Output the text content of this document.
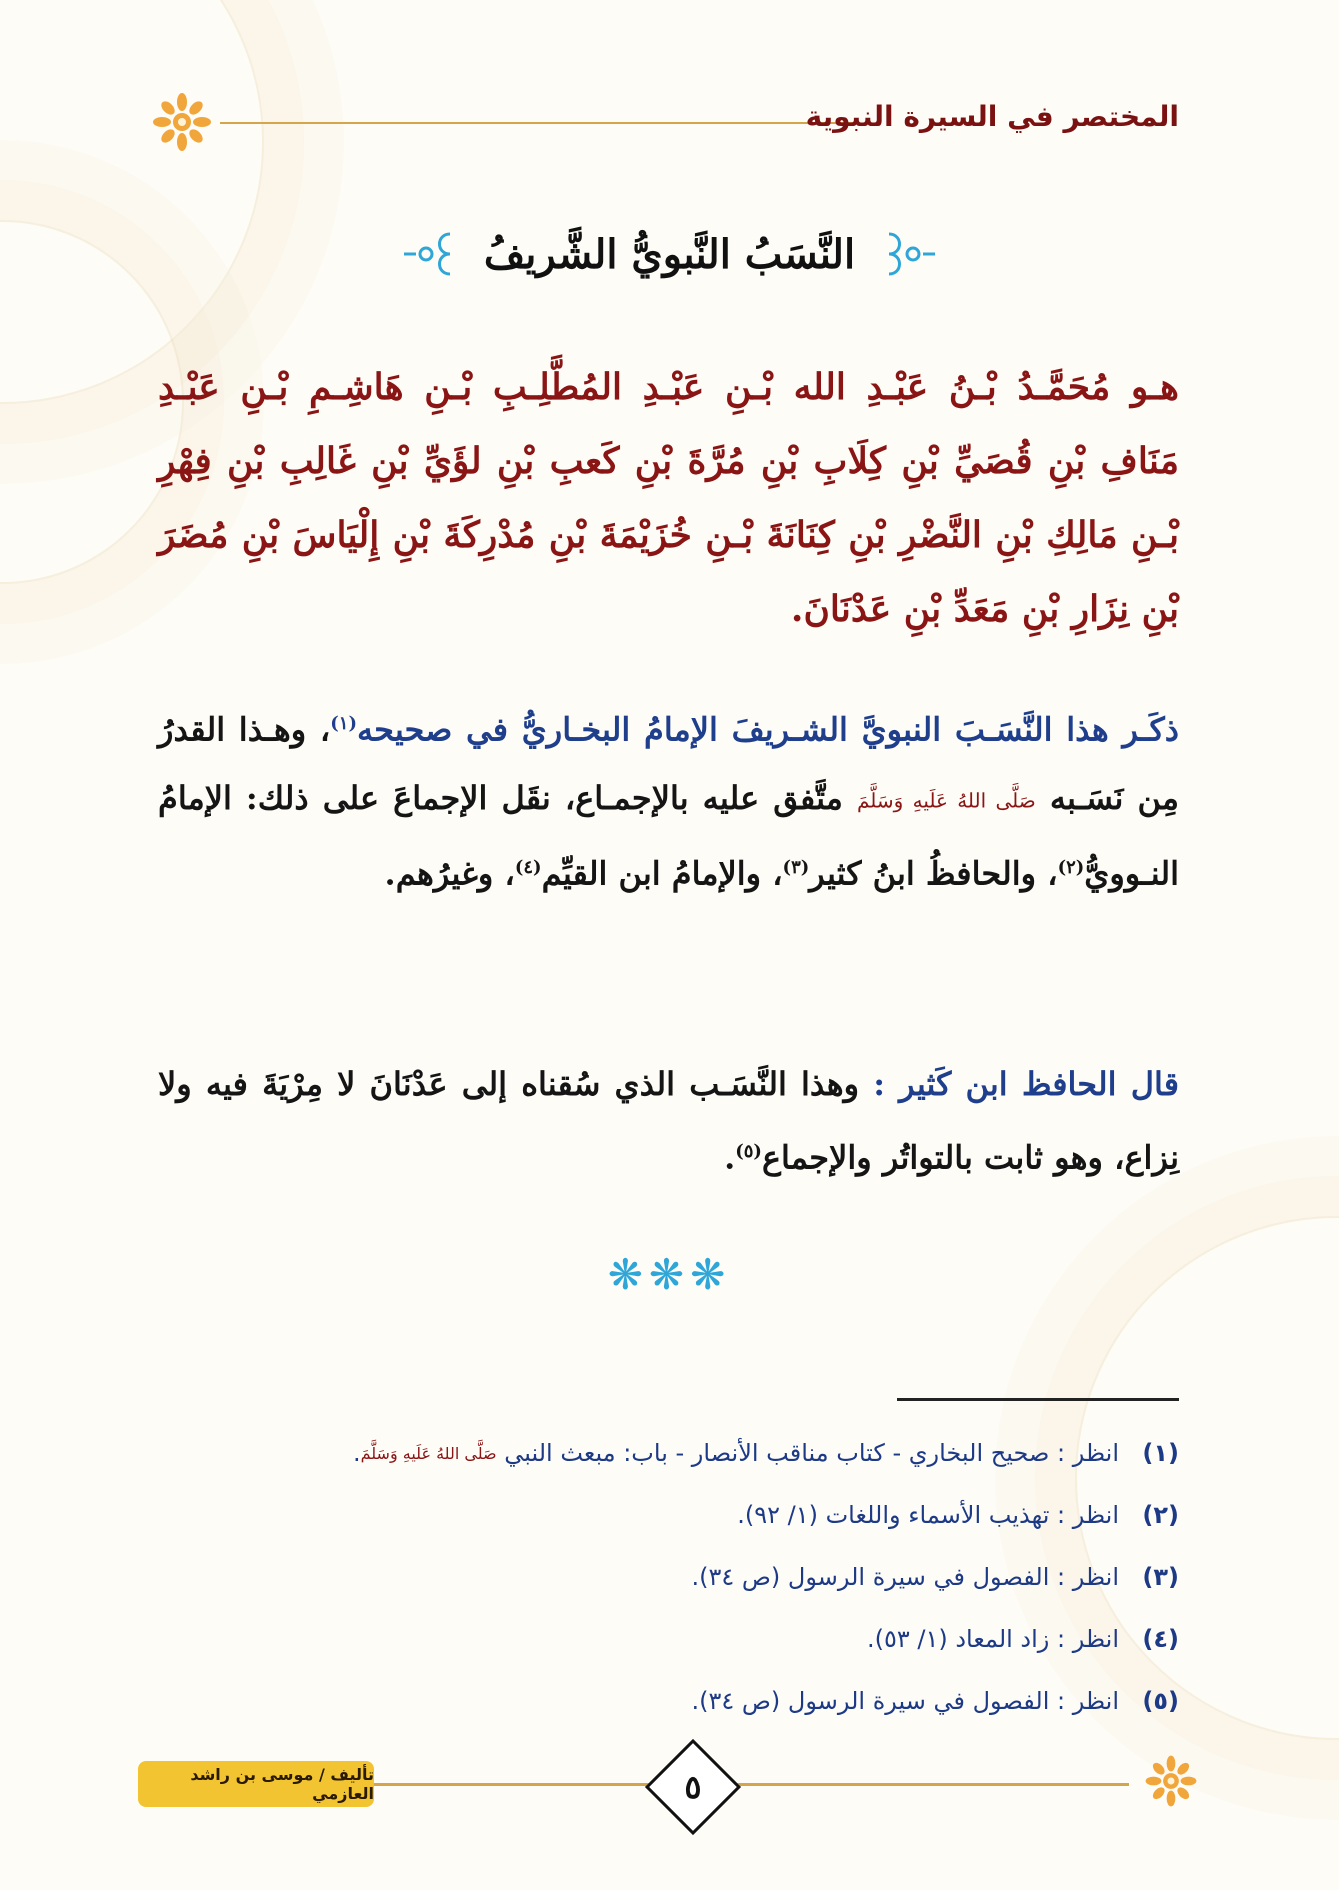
المختصر في السيرة النبوية
النَّسَبُ النَّبويُّ الشَّريفُ

هـو مُحَمَّـدُ بْـنُ عَبْـدِ الله بْـنِ عَبْـدِ المُطَّلِـبِ بْـنِ هَاشِـمِ بْـنِ عَبْـدِ مَنَافِ بْنِ قُصَيِّ بْنِ كِلَابِ بْنِ مُرَّةَ بْنِ كَعبِ بْنِ لؤَيِّ بْنِ غَالِبِ بْنِ فِهْرِ بْـنِ مَالِكِ بْنِ النَّضْرِ بْنِ كِنَانَةَ بْـنِ خُزَيْمَةَ بْنِ مُدْرِكَةَ بْنِ إِلْيَاسَ بْنِ مُضَرَ بْنِ نِزَارِ بْنِ مَعَدِّ بْنِ عَدْنَانَ.

ذكَـر هذا النَّسَـبَ النبويَّ الشـريفَ الإمامُ البخـاريُّ في صحيحه$^{(١)}$، وهـذا القدرُ مِن نَسَـبه صَلَّى اللهُ عَلَيهِ وَسَلَّمَ متَّفق عليه بالإجمـاع، نقَل الإجماعَ على ذلك: الإمامُ النـوويُّ$^{(٢)}$، والحافظُ ابنُ كثير$^{(٣)}$، والإمامُ ابن القيِّم$^{(٤)}$، وغيرُهم.

قال الحافظ ابن كَثير : وهذا النَّسَـب الذي سُقناه إلى عَدْنَانَ لا مِرْيَةَ فيه ولا نِزاع، وهو ثابت بالتواتُر والإجماع$^{(٥)}$.

❋❋❋
(١)انظر : صحيح البخاري - كتاب مناقب الأنصار - باب: مبعث النبي صَلَّى اللهُ عَلَيهِ وَسَلَّمَ.
(٢)انظر : تهذيب الأسماء واللغات (١/ ٩٢).
(٣)انظر : الفصول في سيرة الرسول (ص ٣٤).
(٤)انظر : زاد المعاد (١/ ٥٣).
(٥)انظر : الفصول في سيرة الرسول (ص ٣٤).
تأليف / موسى بن راشد العازمي	٥
